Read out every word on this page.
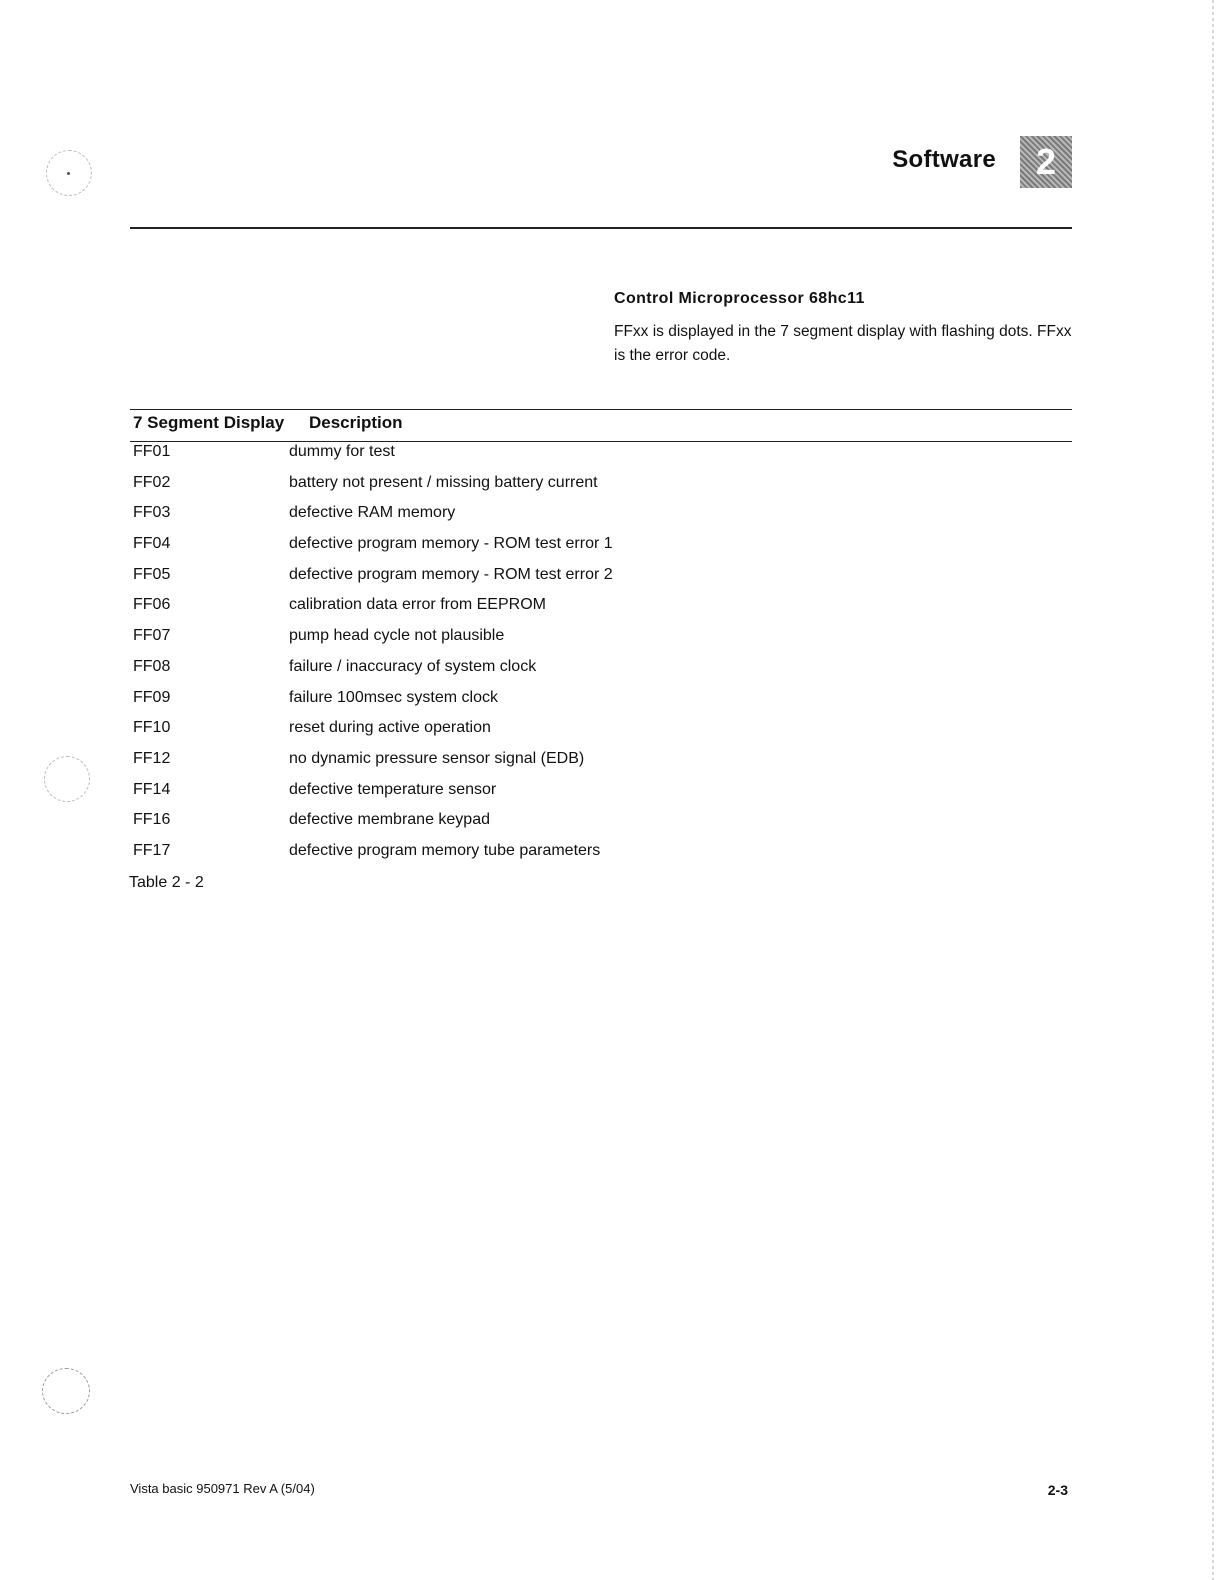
Software	2
Control Microprocessor 68hc11
FFxx is displayed in the 7 segment display with flashing dots. FFxx is the error code.
7 Segment Display Description
FF01	dummy for test
FF02	battery not present / missing battery current
FF03	defective RAM memory
FF04	defective program memory - ROM test error 1
FF05	defective program memory - ROM test error 2
FF06	calibration data error from EEPROM
FF07	pump head cycle not plausible
FF08	failure / inaccuracy of system clock
FF09	failure 100msec system clock
FF10	reset during active operation
FF12	no dynamic pressure sensor signal (EDB)
FF14	defective temperature sensor
FF16	defective membrane keypad
FF17	defective program memory tube parameters
Table 2 - 2
Vista basic 950971 Rev A (5/04)	2-3
